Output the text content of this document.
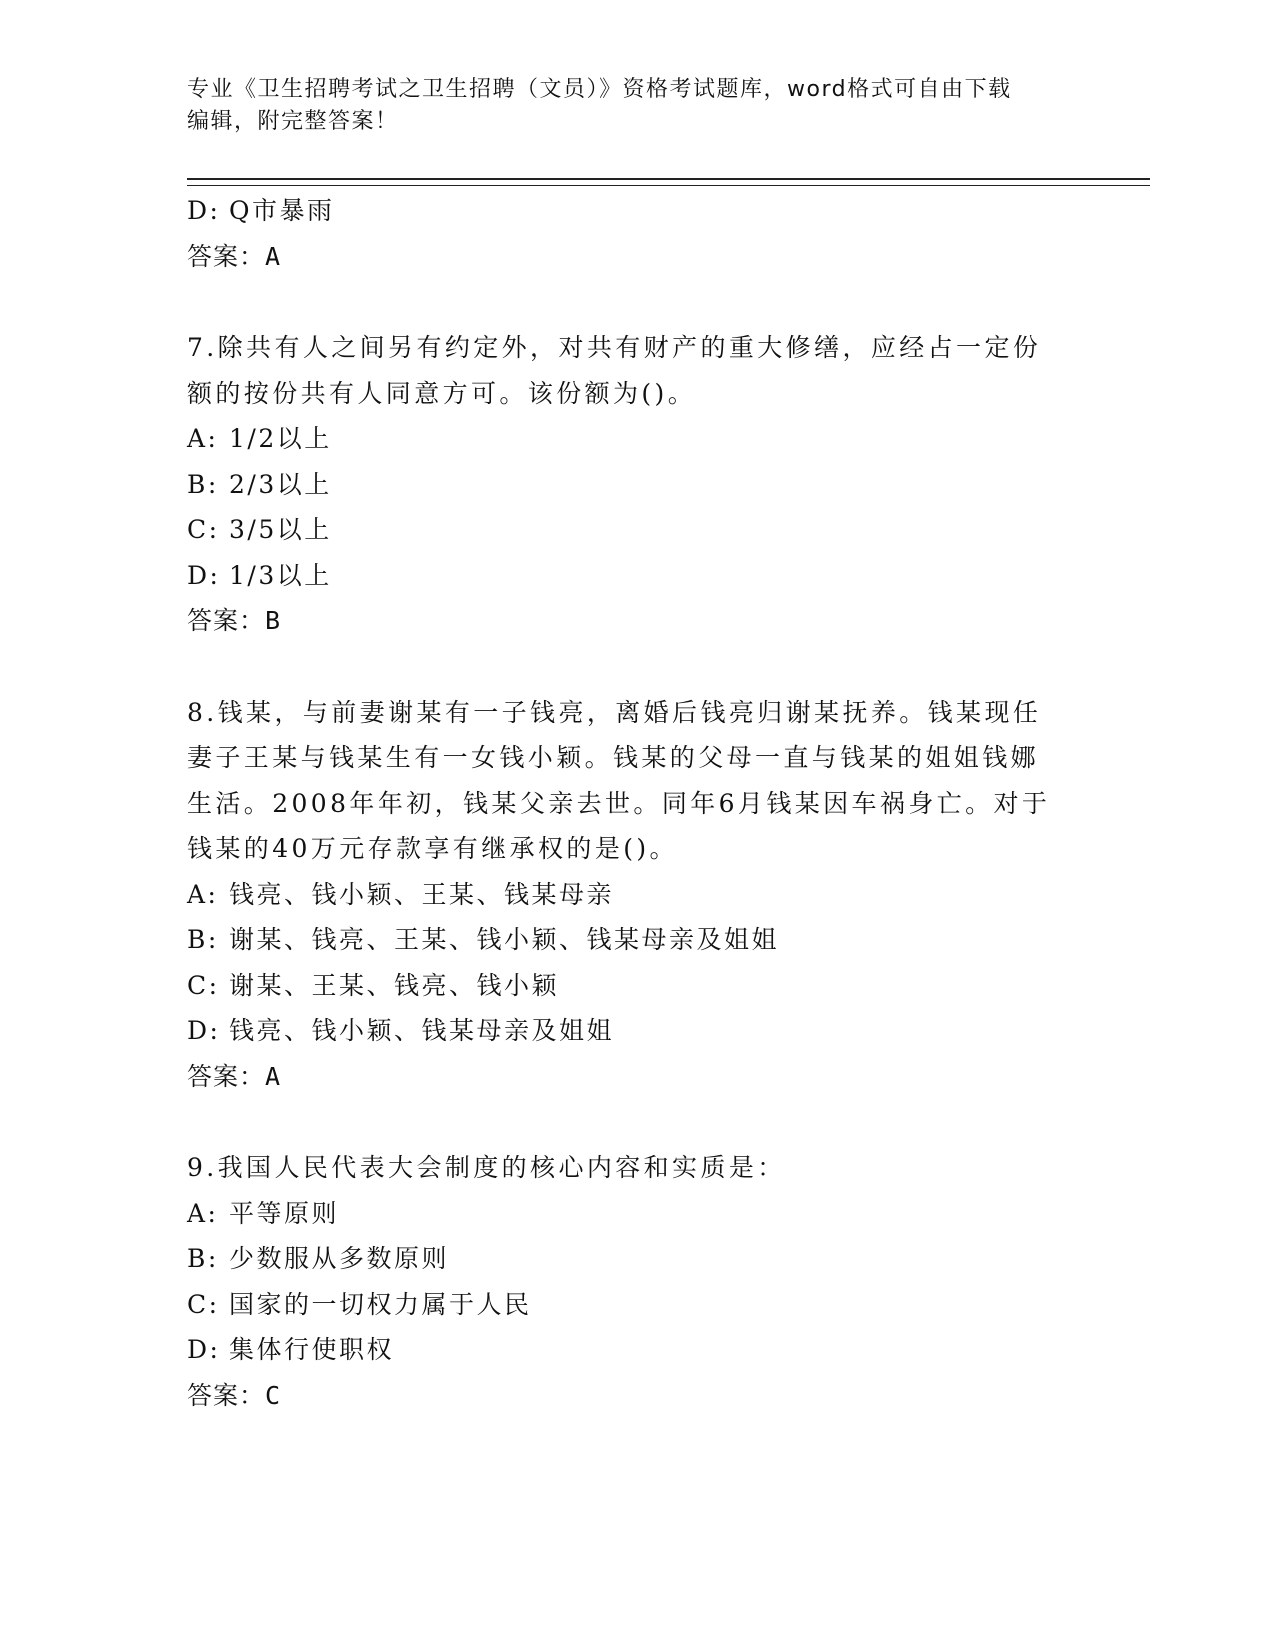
专业《卫生招聘考试之卫生招聘（文员）》资格考试题库，word格式可自由下载
编辑，附完整答案！
D: Q市暴雨
答案：A
7.除共有人之间另有约定外，对共有财产的重大修缮，应经占一定份
额的按份共有人同意方可。该份额为()。
A: 1/2以上
B: 2/3以上
C: 3/5以上
D: 1/3以上
答案：B
8.钱某，与前妻谢某有一子钱亮，离婚后钱亮归谢某抚养。钱某现任
妻子王某与钱某生有一女钱小颖。钱某的父母一直与钱某的姐姐钱娜
生活。2008年年初，钱某父亲去世。同年6月钱某因车祸身亡。对于
钱某的40万元存款享有继承权的是()。
A: 钱亮、钱小颖、王某、钱某母亲
B: 谢某、钱亮、王某、钱小颖、钱某母亲及姐姐
C: 谢某、王某、钱亮、钱小颖
D: 钱亮、钱小颖、钱某母亲及姐姐
答案：A
9.我国人民代表大会制度的核心内容和实质是：
A: 平等原则
B: 少数服从多数原则
C: 国家的一切权力属于人民
D: 集体行使职权
答案：C
